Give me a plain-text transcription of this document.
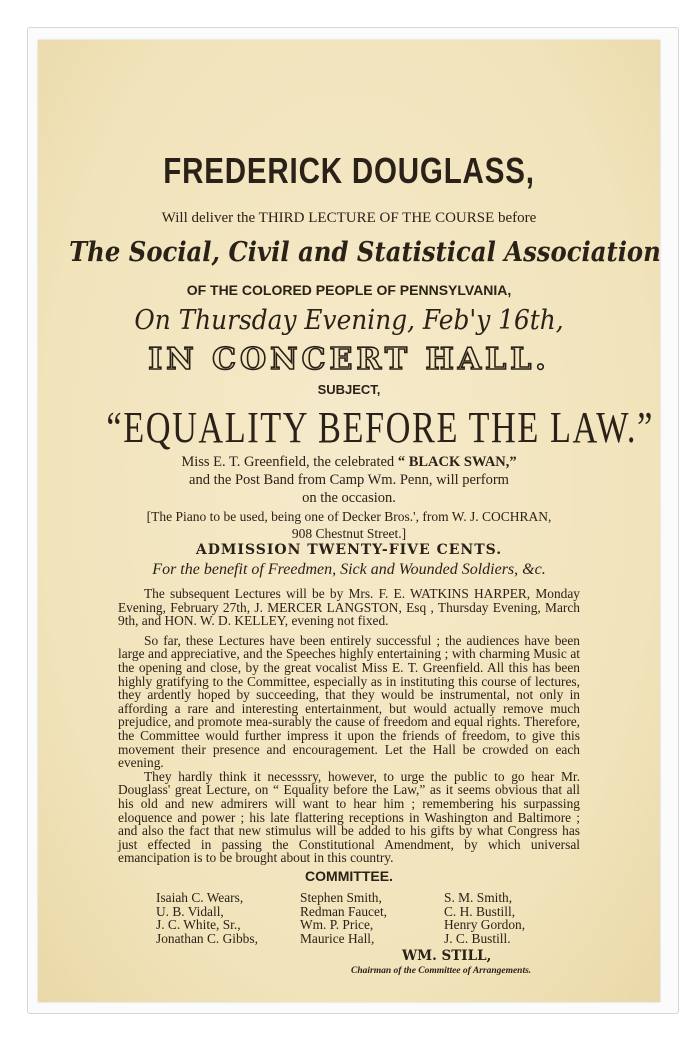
FREDERICK DOUGLASS,
Will deliver the THIRD LECTURE OF THE COURSE before
The Social, Civil and Statistical Association
OF THE COLORED PEOPLE OF PENNSYLVANIA,
On Thursday Evening, Feb'y 16th,
IN CONCERT HALL.
SUBJECT,
“EQUALITY BEFORE THE LAW.”
Miss E. T. Greenfield, the celebrated “ BLACK SWAN,”
and the Post Band from Camp Wm. Penn, will perform
on the occasion.
[The Piano to be used, being one of Decker Bros.', from W. J. COCHRAN,
908 Chestnut Street.]
ADMISSION TWENTY-FIVE CENTS.
For the benefit of Freedmen, Sick and Wounded Soldiers, &c.

The subsequent Lectures will be by Mrs. F. E. WATKINS HARPER, Monday Evening, February 27th, J. MERCER LANGSTON, Esq , Thursday Evening, March 9th, and HON. W. D. KELLEY, evening not fixed.

So far, these Lectures have been entirely successful ; the audiences have been large and appreciative, and the Speeches highly entertaining ; with charming Music at the opening and close, by the great vocalist Miss E. T. Greenfield. All this has been highly gratifying to the Committee, especially as in instituting this course of lectures, they ardently hoped by succeeding, that they would be instrumental, not only in affording a rare and interesting entertainment, but would actually remove much prejudice, and promote mea-surably the cause of freedom and equal rights. Therefore, the Committee would further impress it upon the friends of freedom, to give this movement their presence and encouragement. Let the Hall be crowded on each evening.

They hardly think it necesssry, however, to urge the public to go hear Mr. Douglass' great Lecture, on “ Equality before the Law,” as it seems obvious that all his old and new admirers will want to hear him ; remembering his surpassing eloquence and power ; his late flattering receptions in Washington and Baltimore ; and also the fact that new stimulus will be added to his gifts by what Congress has just effected in passing the Constitutional Amendment, by which universal emancipation is to be brought about in this country.

COMMITTEE.
Isaiah C. Wears,
U. B. Vidall,
J. C. White, Sr.,
Jonathan C. Gibbs,
Stephen Smith,
Redman Faucet,
Wm. P. Price,
Maurice Hall,
S. M. Smith,
C. H. Bustill,
Henry Gordon,
J. C. Bustill.
WM. STILL,
Chairman of the Committee of Arrangements.
